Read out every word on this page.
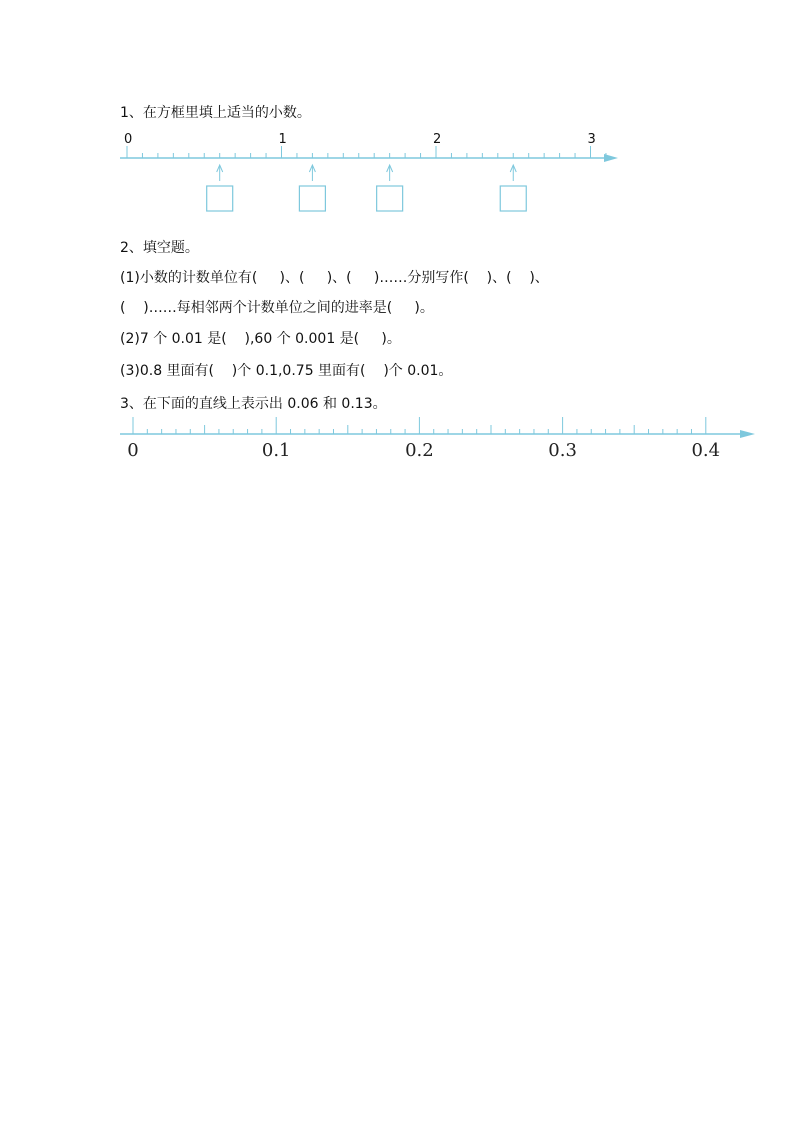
1、在方框里填上适当的小数。
0	1	2	3
2、填空题。
(1)小数的计数单位有(     )、(     )、(     )……分别写作(    )、(    )、
(    )……每相邻两个计数单位之间的进率是(     )。
(2)7 个 0.01 是(    ),60 个 0.001 是(     )。
(3)0.8 里面有(    )个 0.1,0.75 里面有(    )个 0.01。
3、在下面的直线上表示出 0.06 和 0.13。
0	0.1	0.2	0.3	0.4
